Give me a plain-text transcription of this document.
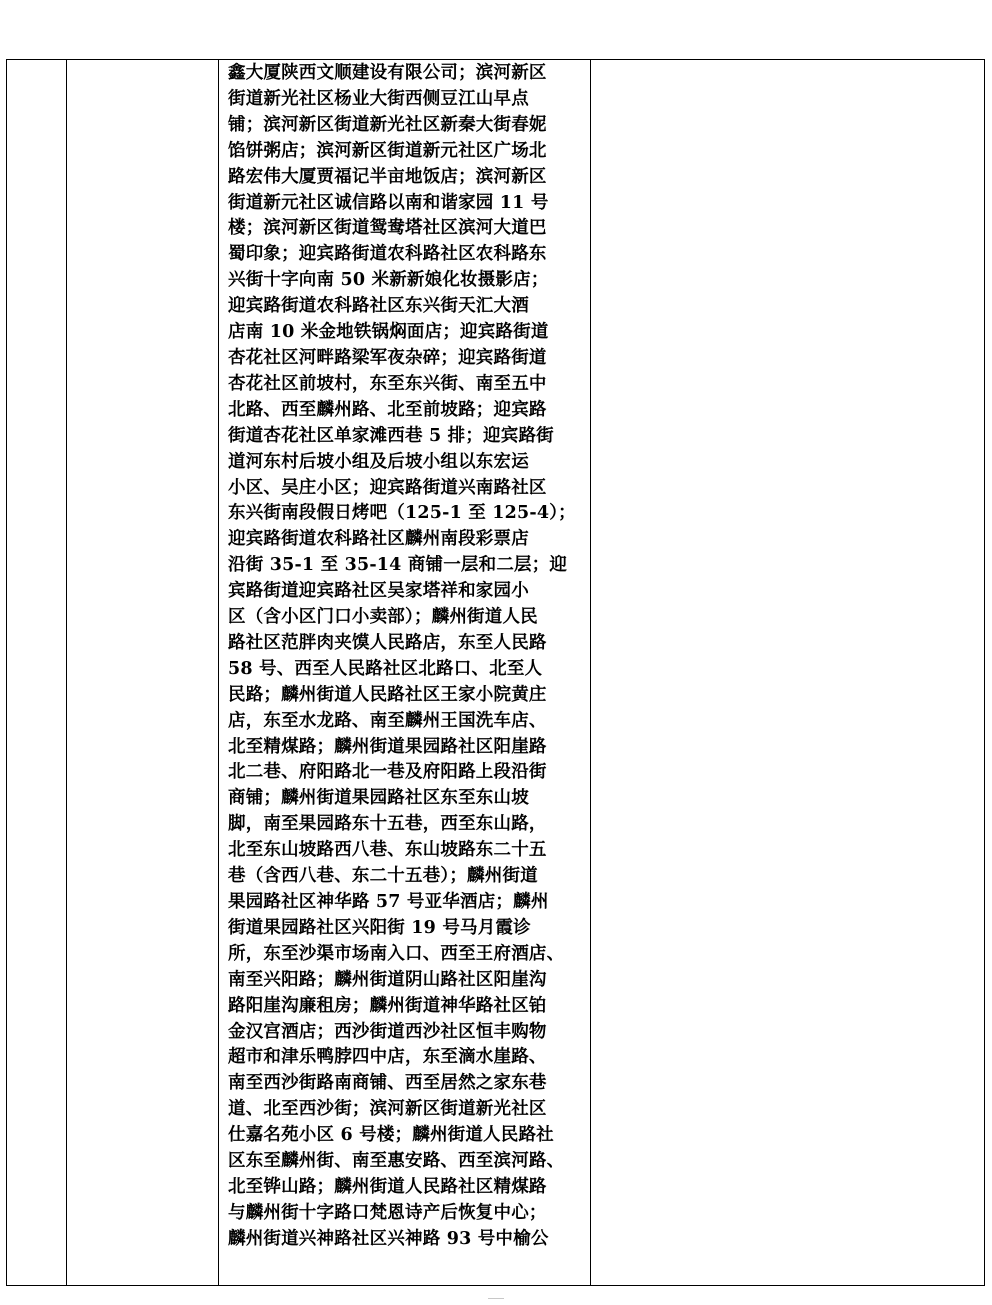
鑫大厦陕西文顺建设有限公司；滨河新区
街道新光社区杨业大街西侧豆江山早点
铺；滨河新区街道新光社区新秦大街春妮
馅饼粥店；滨河新区街道新元社区广场北
路宏伟大厦贾福记半亩地饭店；滨河新区
街道新元社区诚信路以南和谐家园 11 号
楼；滨河新区街道鸳鸯塔社区滨河大道巴
蜀印象；迎宾路街道农科路社区农科路东
兴街十字向南 50 米新新娘化妆摄影店；
迎宾路街道农科路社区东兴街天汇大酒
店南 10 米金地铁锅焖面店；迎宾路街道
杏花社区河畔路梁军夜杂碎；迎宾路街道
杏花社区前坡村，东至东兴街、南至五中
北路、西至麟州路、北至前坡路；迎宾路
街道杏花社区单家滩西巷 5 排；迎宾路街
道河东村后坡小组及后坡小组以东宏运
小区、吴庄小区；迎宾路街道兴南路社区
东兴街南段假日烤吧（125-1 至 125-4）；
迎宾路街道农科路社区麟州南段彩票店
沿街 35-1 至 35-14 商铺一层和二层；迎
宾路街道迎宾路社区吴家塔祥和家园小
区（含小区门口小卖部）；麟州街道人民
路社区范胖肉夹馍人民路店，东至人民路
58 号、西至人民路社区北路口、北至人
民路；麟州街道人民路社区王家小院黄庄
店，东至水龙路、南至麟州王国洗车店、
北至精煤路；麟州街道果园路社区阳崖路
北二巷、府阳路北一巷及府阳路上段沿街
商铺；麟州街道果园路社区东至东山坡
脚，南至果园路东十五巷，西至东山路，
北至东山坡路西八巷、东山坡路东二十五
巷（含西八巷、东二十五巷）；麟州街道
果园路社区神华路 57 号亚华酒店；麟州
街道果园路社区兴阳街 19 号马月霞诊
所，东至沙渠市场南入口、西至王府酒店、
南至兴阳路；麟州街道阴山路社区阳崖沟
路阳崖沟廉租房；麟州街道神华路社区铂
金汉宫酒店；西沙街道西沙社区恒丰购物
超市和津乐鸭脖四中店，东至滴水崖路、
南至西沙街路南商铺、西至居然之家东巷
道、北至西沙街；滨河新区街道新光社区
仕嘉名苑小区 6 号楼；麟州街道人民路社
区东至麟州街、南至惠安路、西至滨河路、
北至铧山路；麟州街道人民路社区精煤路
与麟州街十字路口梵恩诗产后恢复中心；
麟州街道兴神路社区兴神路 93 号中榆公
